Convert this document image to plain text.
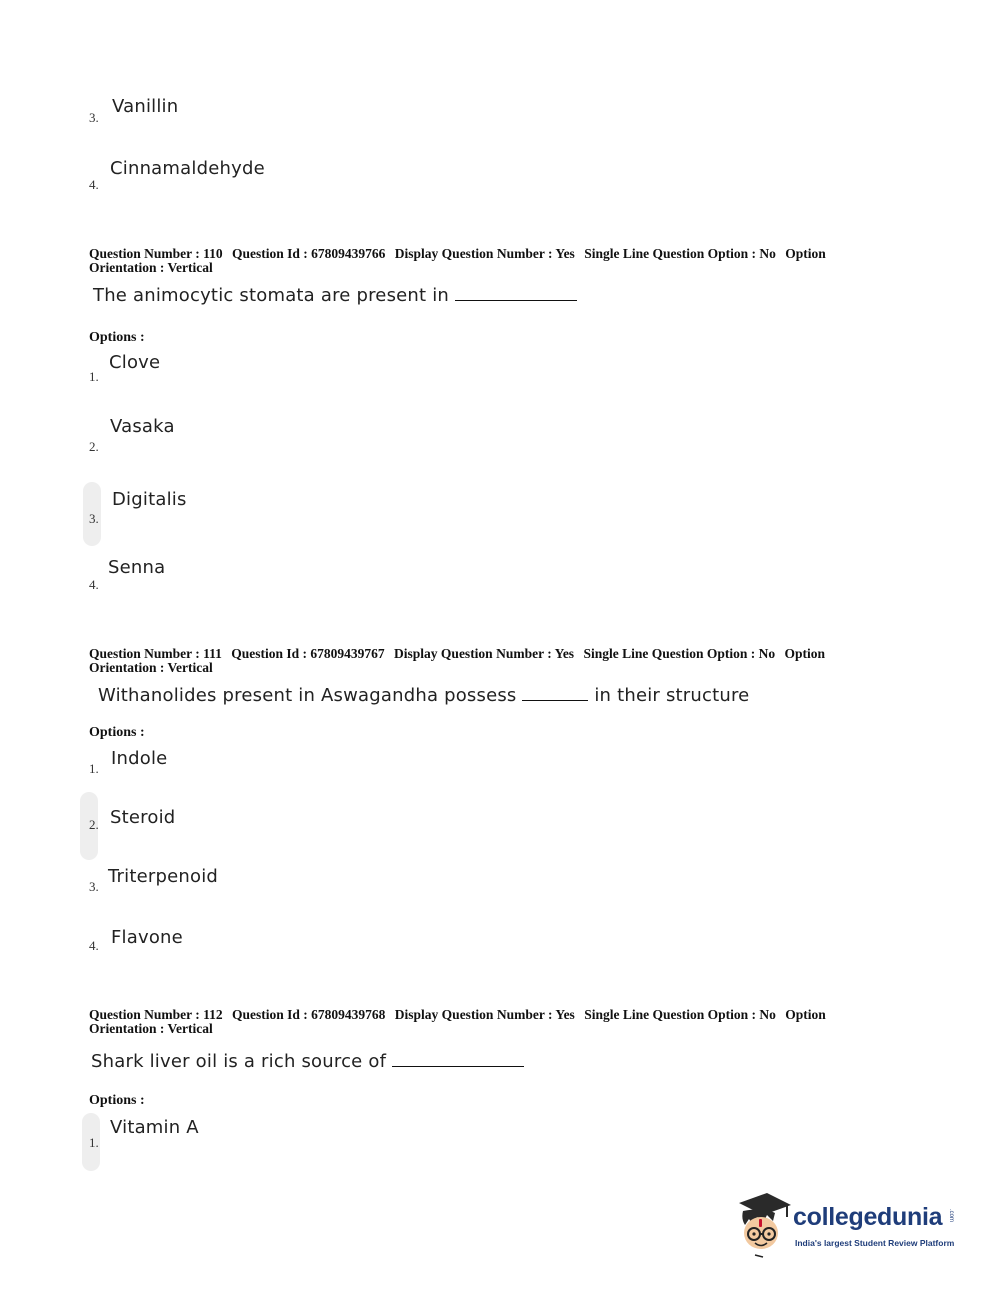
3.
Vanillin
4.
Cinnamaldehyde
Question Number : 110 Question Id : 67809439766 Display Question Number : Yes Single Line Question Option : No Option
Orientation : Vertical
The animocytic stomata are present in
Options :
1.
Clove
2.
Vasaka
3.
Digitalis
4.
Senna
Question Number : 111 Question Id : 67809439767 Display Question Number : Yes Single Line Question Option : No Option
Orientation : Vertical
Withanolides present in Aswagandha possess	in their structure
Options :
1. Indole
2. Steroid
3. Triterpenoid
4. Flavone
Question Number : 112 Question Id : 67809439768 Display Question Number : Yes Single Line Question Option : No Option
Orientation : Vertical
Shark liver oil is a rich source of
Options :
1.
Vitamin A
collegedunia .com
India's largest Student Review Platform
